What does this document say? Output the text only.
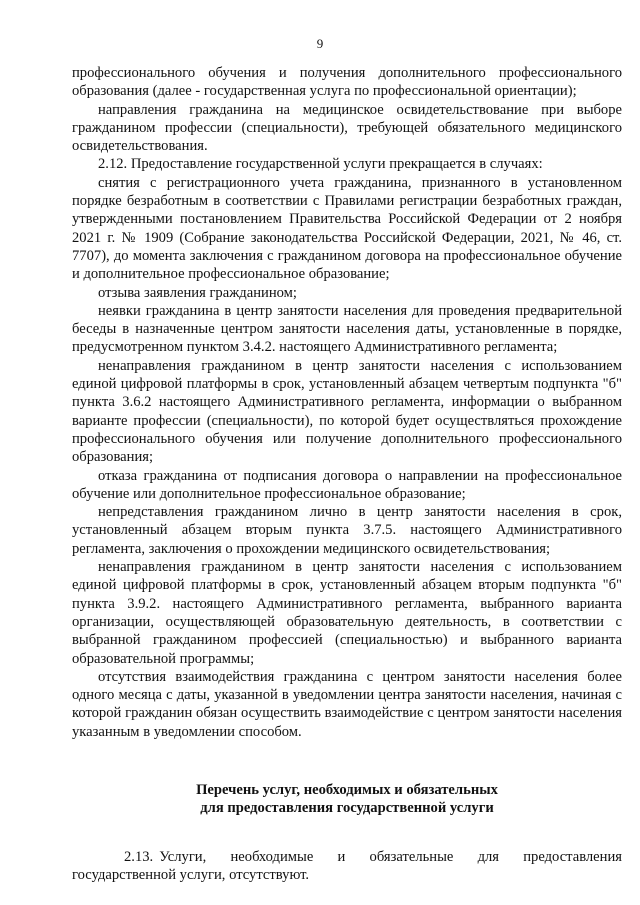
9

профессионального обучения и получения дополнительного профессионального образования (далее - государственная услуга по профессиональной ориентации);

направления гражданина на медицинское освидетельствование при выборе гражданином профессии (специальности), требующей обязательного медицинского освидетельствования.

2.12. Предоставление государственной услуги прекращается в случаях:

снятия с регистрационного учета гражданина, признанного в установленном порядке безработным в соответствии с Правилами регистрации безработных граждан, утвержденными постановлением Правительства Российской Федерации от 2 ноября 2021 г. № 1909 (Собрание законодательства Российской Федерации, 2021, № 46, ст. 7707), до момента заключения с гражданином договора на профессиональное обучение и дополнительное профессиональное образование;

отзыва заявления гражданином;

неявки гражданина в центр занятости населения для проведения предварительной беседы в назначенные центром занятости населения даты, установленные в порядке, предусмотренном пунктом 3.4.2. настоящего Административного регламента;

ненаправления гражданином в центр занятости населения с использованием единой цифровой платформы в срок, установленный абзацем четвертым подпункта "б" пункта 3.6.2 настоящего Административного регламента, информации о выбранном варианте профессии (специальности), по которой будет осуществляться прохождение профессионального обучения или получение дополнительного профессионального образования;

отказа гражданина от подписания договора о направлении на профессиональное обучение или дополнительное профессиональное образование;

непредставления гражданином лично в центр занятости населения в срок, установленный абзацем вторым пункта 3.7.5. настоящего Административного регламента, заключения о прохождении медицинского освидетельствования;

ненаправления гражданином в центр занятости населения с использованием единой цифровой платформы в срок, установленный абзацем вторым подпункта "б" пункта 3.9.2. настоящего Административного регламента, выбранного варианта организации, осуществляющей образовательную деятельность, в соответствии с выбранной гражданином профессией (специальностью) и выбранного варианта образовательной программы;

отсутствия взаимодействия гражданина с центром занятости населения более одного месяца с даты, указанной в уведомлении центра занятости населения, начиная с которой гражданин обязан осуществить взаимодействие с центром занятости населения указанным в уведомлении способом.

Перечень услуг, необходимых и обязательных
для предоставления государственной услуги

2.13. Услуги, необходимые и обязательные для предоставления государственной услуги, отсутствуют.
